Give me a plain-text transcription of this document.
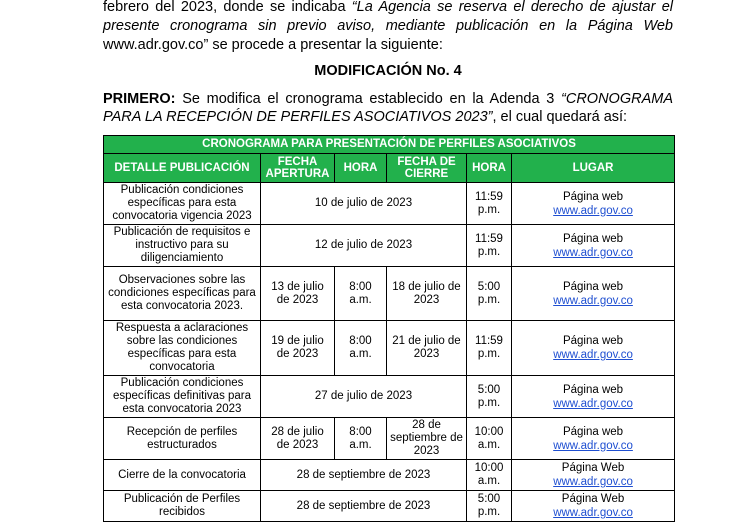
febrero del 2023, donde se indicaba “La Agencia se reserva el derecho de ajustar el presente cronograma sin previo aviso, mediante publicación en la Página Web www.adr.gov.co” se procede a presentar la siguiente:

MODIFICACIÓN No. 4

PRIMERO: Se modifica el cronograma establecido en la Adenda 3 “CRONOGRAMA PARA LA RECEPCIÓN DE PERFILES ASOCIATIVOS 2023”, el cual quedará así:

CRONOGRAMA PARA PRESENTACIÓN DE PERFILES ASOCIATIVOS					
DETALLE PUBLICACIÓN	FECHA APERTURA	HORA	FECHA DE CIERRE	HORA	LUGAR
Publicación condiciones específicas para esta convocatoria vigencia 2023	10 de julio de 2023			11:59 p.m.	Página web
www.adr.gov.co
Publicación de requisitos e instructivo para su diligenciamiento	12 de julio de 2023			11:59 p.m.	Página web
www.adr.gov.co
Observaciones sobre las condiciones específicas para esta convocatoria 2023.	13 de julio de 2023	8:00 a.m.	18 de julio de 2023	5:00 p.m.	Página web
www.adr.gov.co
Respuesta a aclaraciones sobre las condiciones específicas para esta convocatoria	19 de julio de 2023	8:00 a.m.	21 de julio de 2023	11:59 p.m.	Página web
www.adr.gov.co
Publicación condiciones específicas definitivas para esta convocatoria 2023	27 de julio de 2023			5:00 p.m.	Página web
www.adr.gov.co
Recepción de perfiles estructurados	28 de julio de 2023	8:00 a.m.	28 de septiembre de 2023	10:00 a.m.	Página web
www.adr.gov.co
Cierre de la convocatoria	28 de septiembre de 2023			10:00 a.m.	Página Web
www.adr.gov.co
Publicación de Perfiles recibidos	28 de septiembre de 2023			5:00 p.m.	Página Web
www.adr.gov.co
